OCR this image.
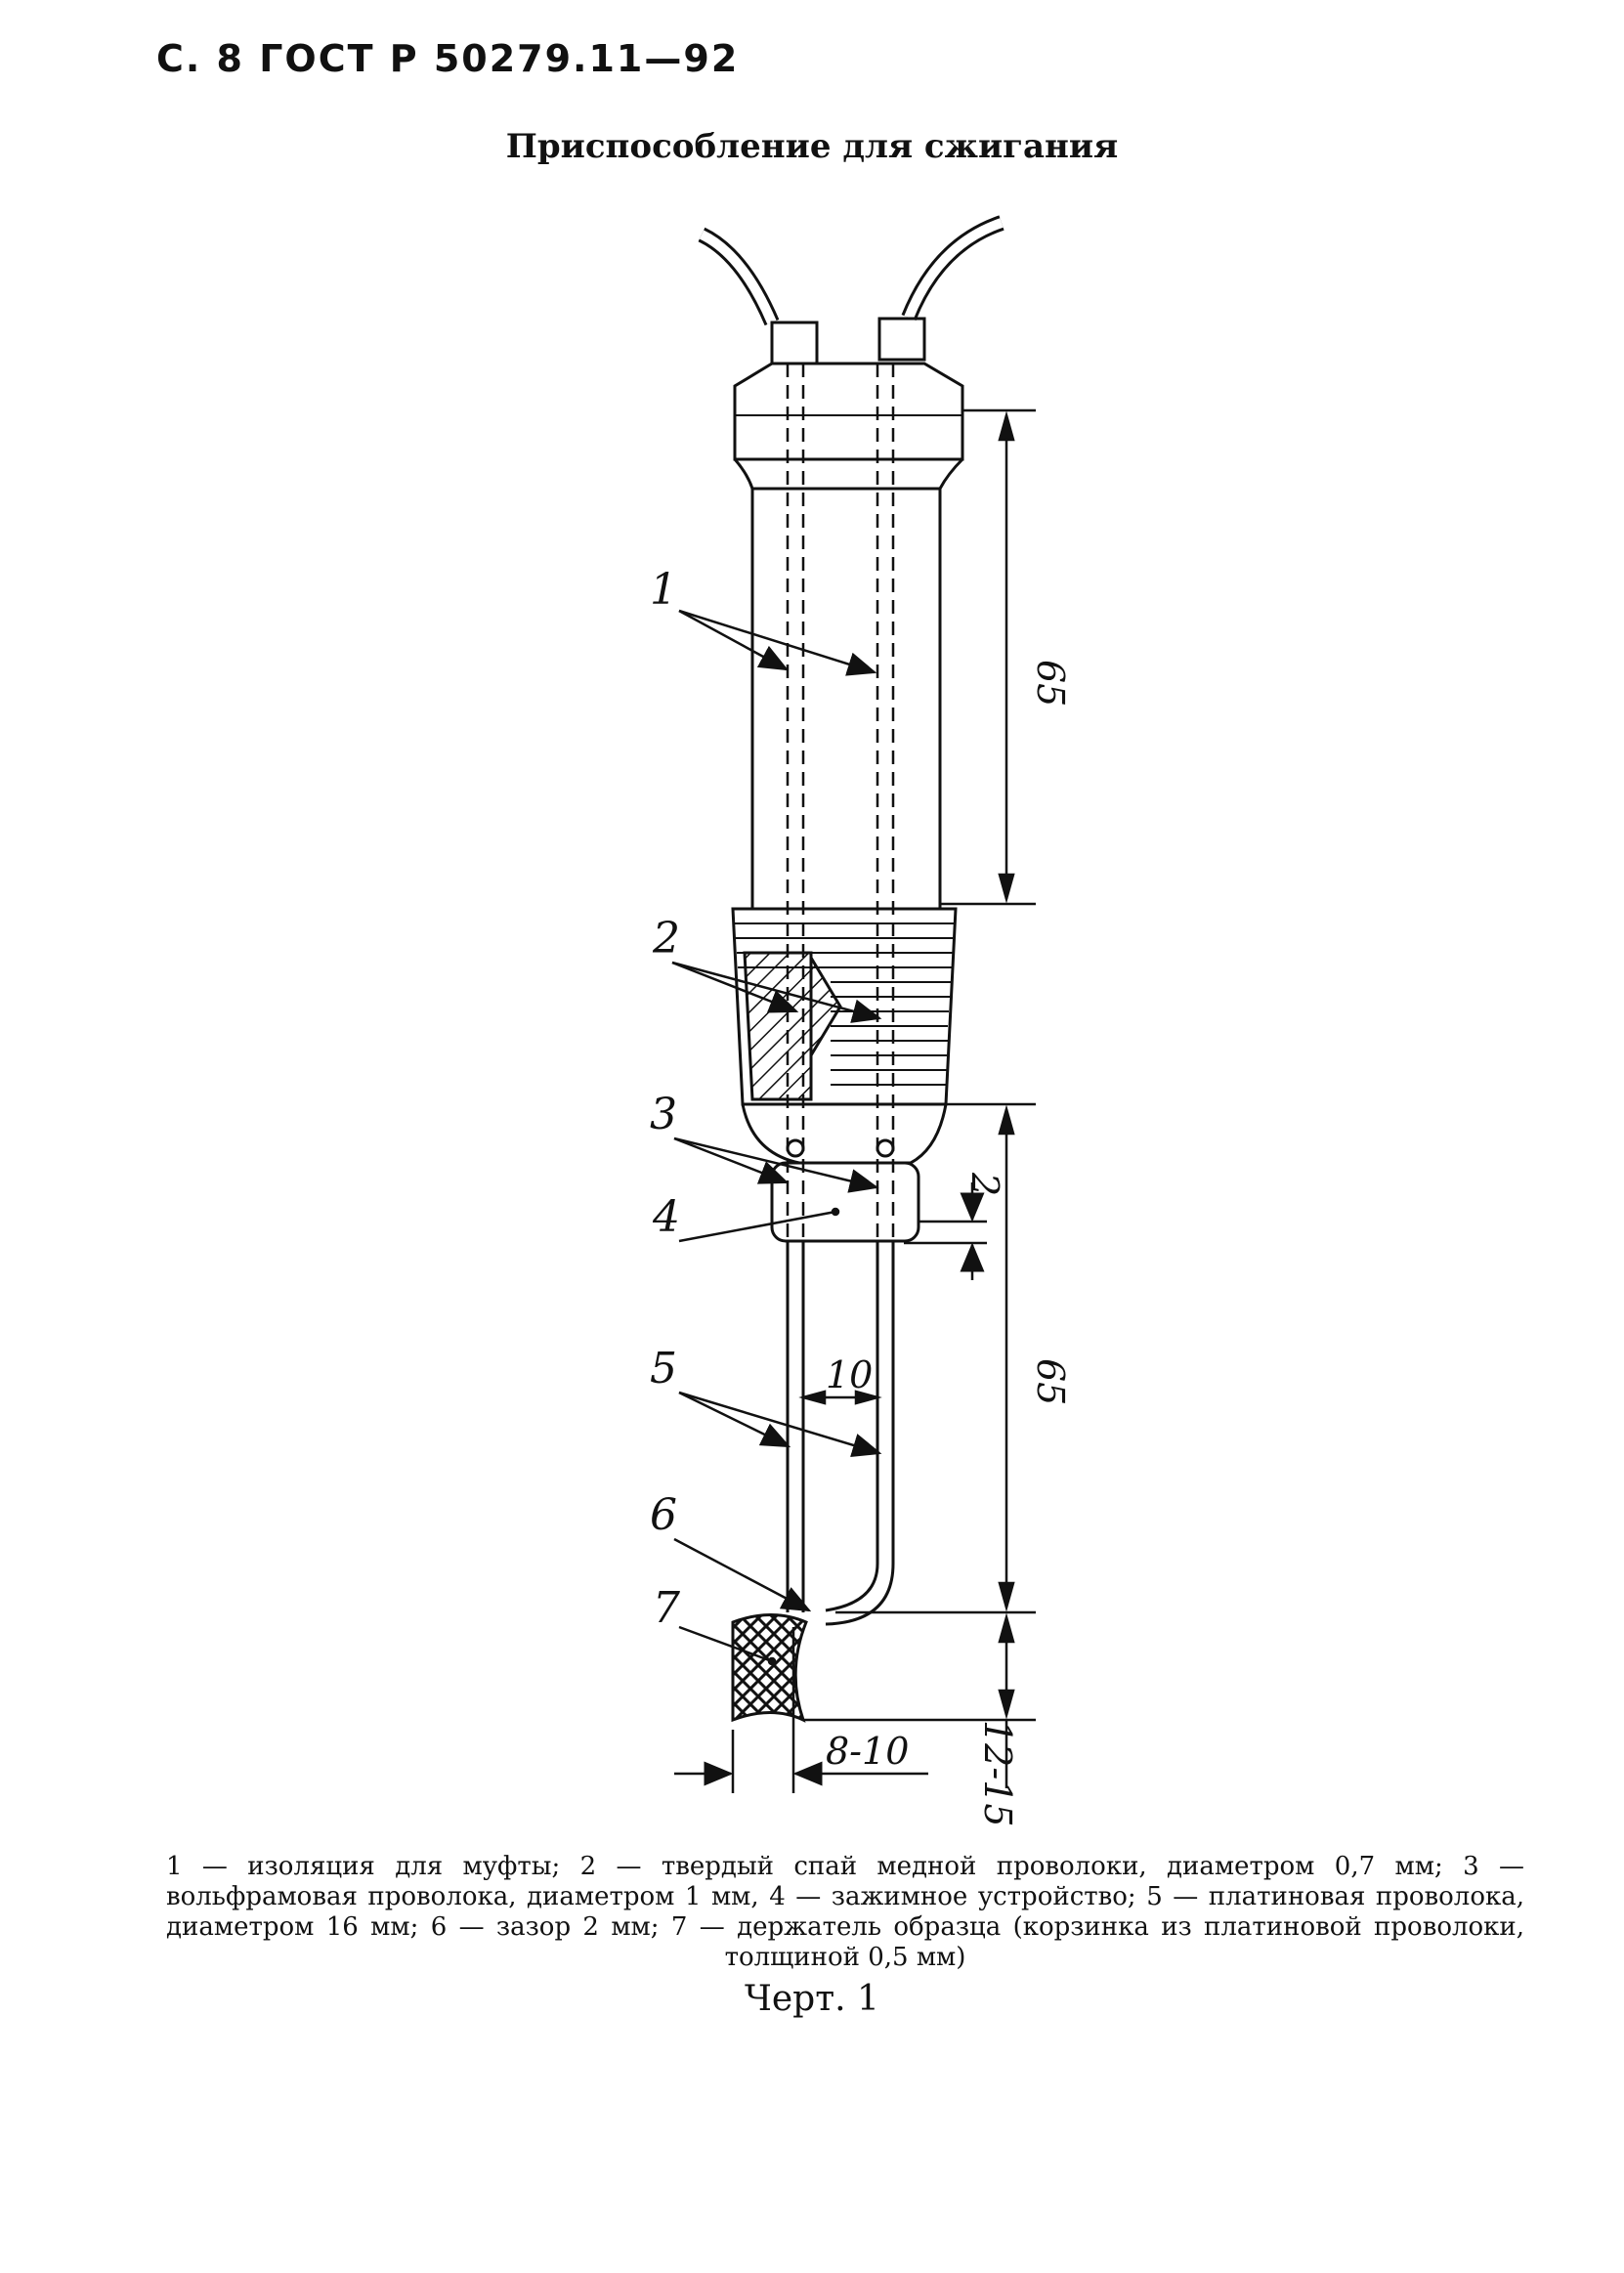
С. 8 ГОСТ Р 50279.11—92
Приспособление для сжигания
1
2
3
4
5
6
7
65
65
2
10
8-10 12-15
1 — изоляция для муфты; 2 — твердый спай медной проволоки, диаметром 0,7 мм; 3 — вольфрамовая проволока, диаметром 1 мм, 4 — зажимное устройство; 5 — платиновая проволока, диаметром 16 мм; 6 — зазор 2 мм; 7 — держатель образца (корзинка из платиновой проволоки, толщиной 0,5 мм)
Черт. 1
